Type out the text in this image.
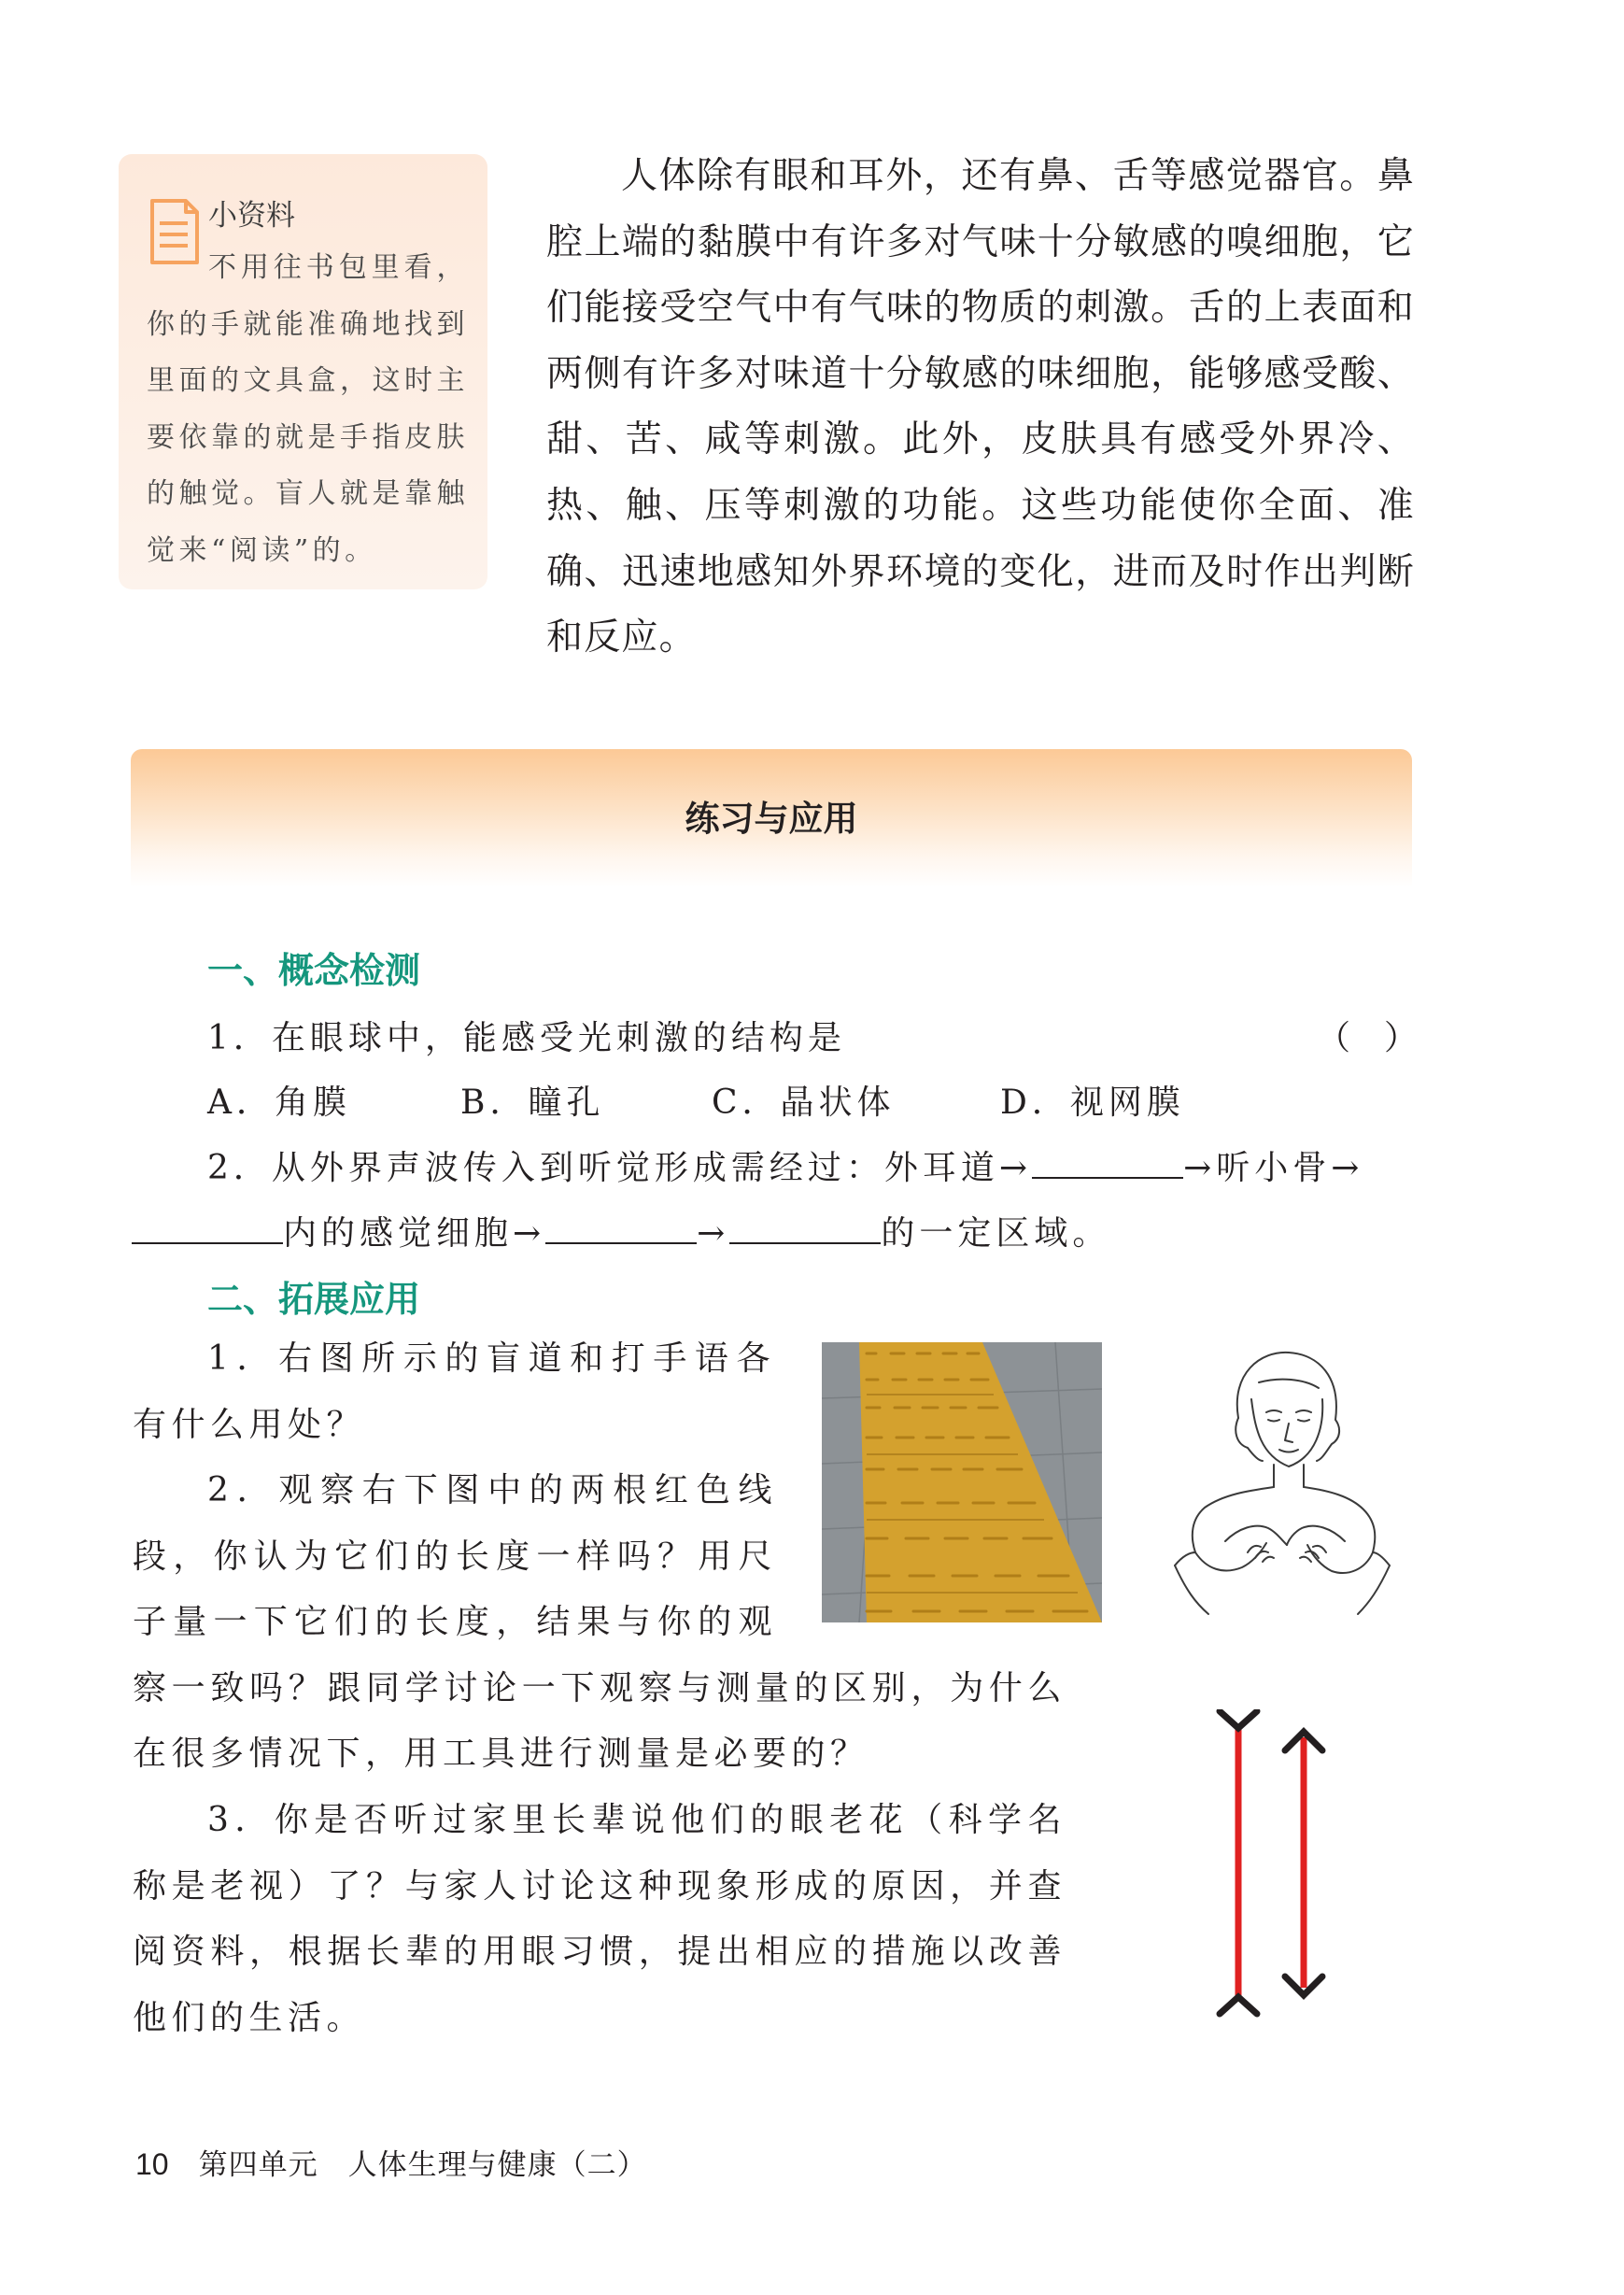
小资料
不用往书包里看，你的手就能准确地找到里面的文具盒，这时主要依靠的就是手指皮肤的触觉。盲人就是靠触觉来“阅读”的。
人体除有眼和耳外，还有鼻、舌等感觉器官。鼻腔上端的黏膜中有许多对气味十分敏感的嗅细胞，它们能接受空气中有气味的物质的刺激。舌的上表面和两侧有许多对味道十分敏感的味细胞，能够感受酸、甜、苦、咸等刺激。此外，皮肤具有感受外界冷、热、触、压等刺激的功能。这些功能使你全面、准确、迅速地感知外界环境的变化，进而及时作出判断和反应。
练习与应用
一、概念检测
1．在眼球中，能感受光刺激的结构是	（　）
A．角膜	B．瞳孔	C．晶状体	D．视网膜
2．从外界声波传入到听觉形成需经过：外耳道→	→听小骨→
内的感觉细胞→	→	的一定区域。
二、拓展应用
1．右图所示的盲道和打手语各有什么用处？
2．观察右下图中的两根红色线段，你认为它们的长度一样吗？用尺子量一下它们的长度，结果与你的观察一致吗？跟同学讨论一下观察与测量的区别，为什么在很多情况下，用工具进行测量是必要的？
3．你是否听过家里长辈说他们的眼老花（科学名称是老视）了？与家人讨论这种现象形成的原因，并查阅资料，根据长辈的用眼习惯，提出相应的措施以改善他们的生活。
10 第四单元　人体生理与健康（二）
